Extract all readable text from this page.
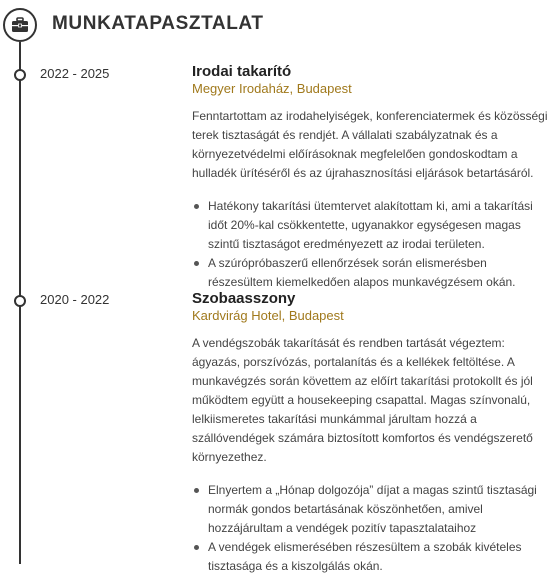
MUNKATAPASZTALAT
2022 - 2025	Irodai takarító
Megyer Irodaház, Budapest

Fenntartottam az irodahelyiségek, konferenciatermek és közösségi terek tisztaságát és rendjét. A vállalati szabályzatnak és a környezetvédelmi előírásoknak megfelelően gondoskodtam a hulladék ürítéséről és az újrahasznosítási eljárások betartásáról.

Hatékony takarítási ütemtervet alakítottam ki, ami a takarítási időt 20%-kal csökkentette, ugyanakkor egységesen magas szintű tisztaságot eredményezett az irodai területen.
A szúrópróbaszerű ellenőrzések során elismerésben részesültem kiemelkedően alapos munkavégzésem okán.
2020 - 2022	Szobaasszony
Kardvirág Hotel, Budapest

A vendégszobák takarítását és rendben tartását végeztem: ágyazás, porszívózás, portalanítás és a kellékek feltöltése. A munkavégzés során követtem az előírt takarítási protokollt és jól működtem együtt a housekeeping csapattal. Magas színvonalú, lelkiismeretes takarítási munkámmal járultam hozzá a szállóvendégek számára biztosított komfortos és vendégszerető környezethez.

Elnyertem a „Hónap dolgozója” díjat a magas szintű tisztasági normák gondos betartásának köszönhetően, amivel hozzájárultam a vendégek pozitív tapasztalataihoz
A vendégek elismerésében részesültem a szobák kivételes tisztasága és a kiszolgálás okán.
